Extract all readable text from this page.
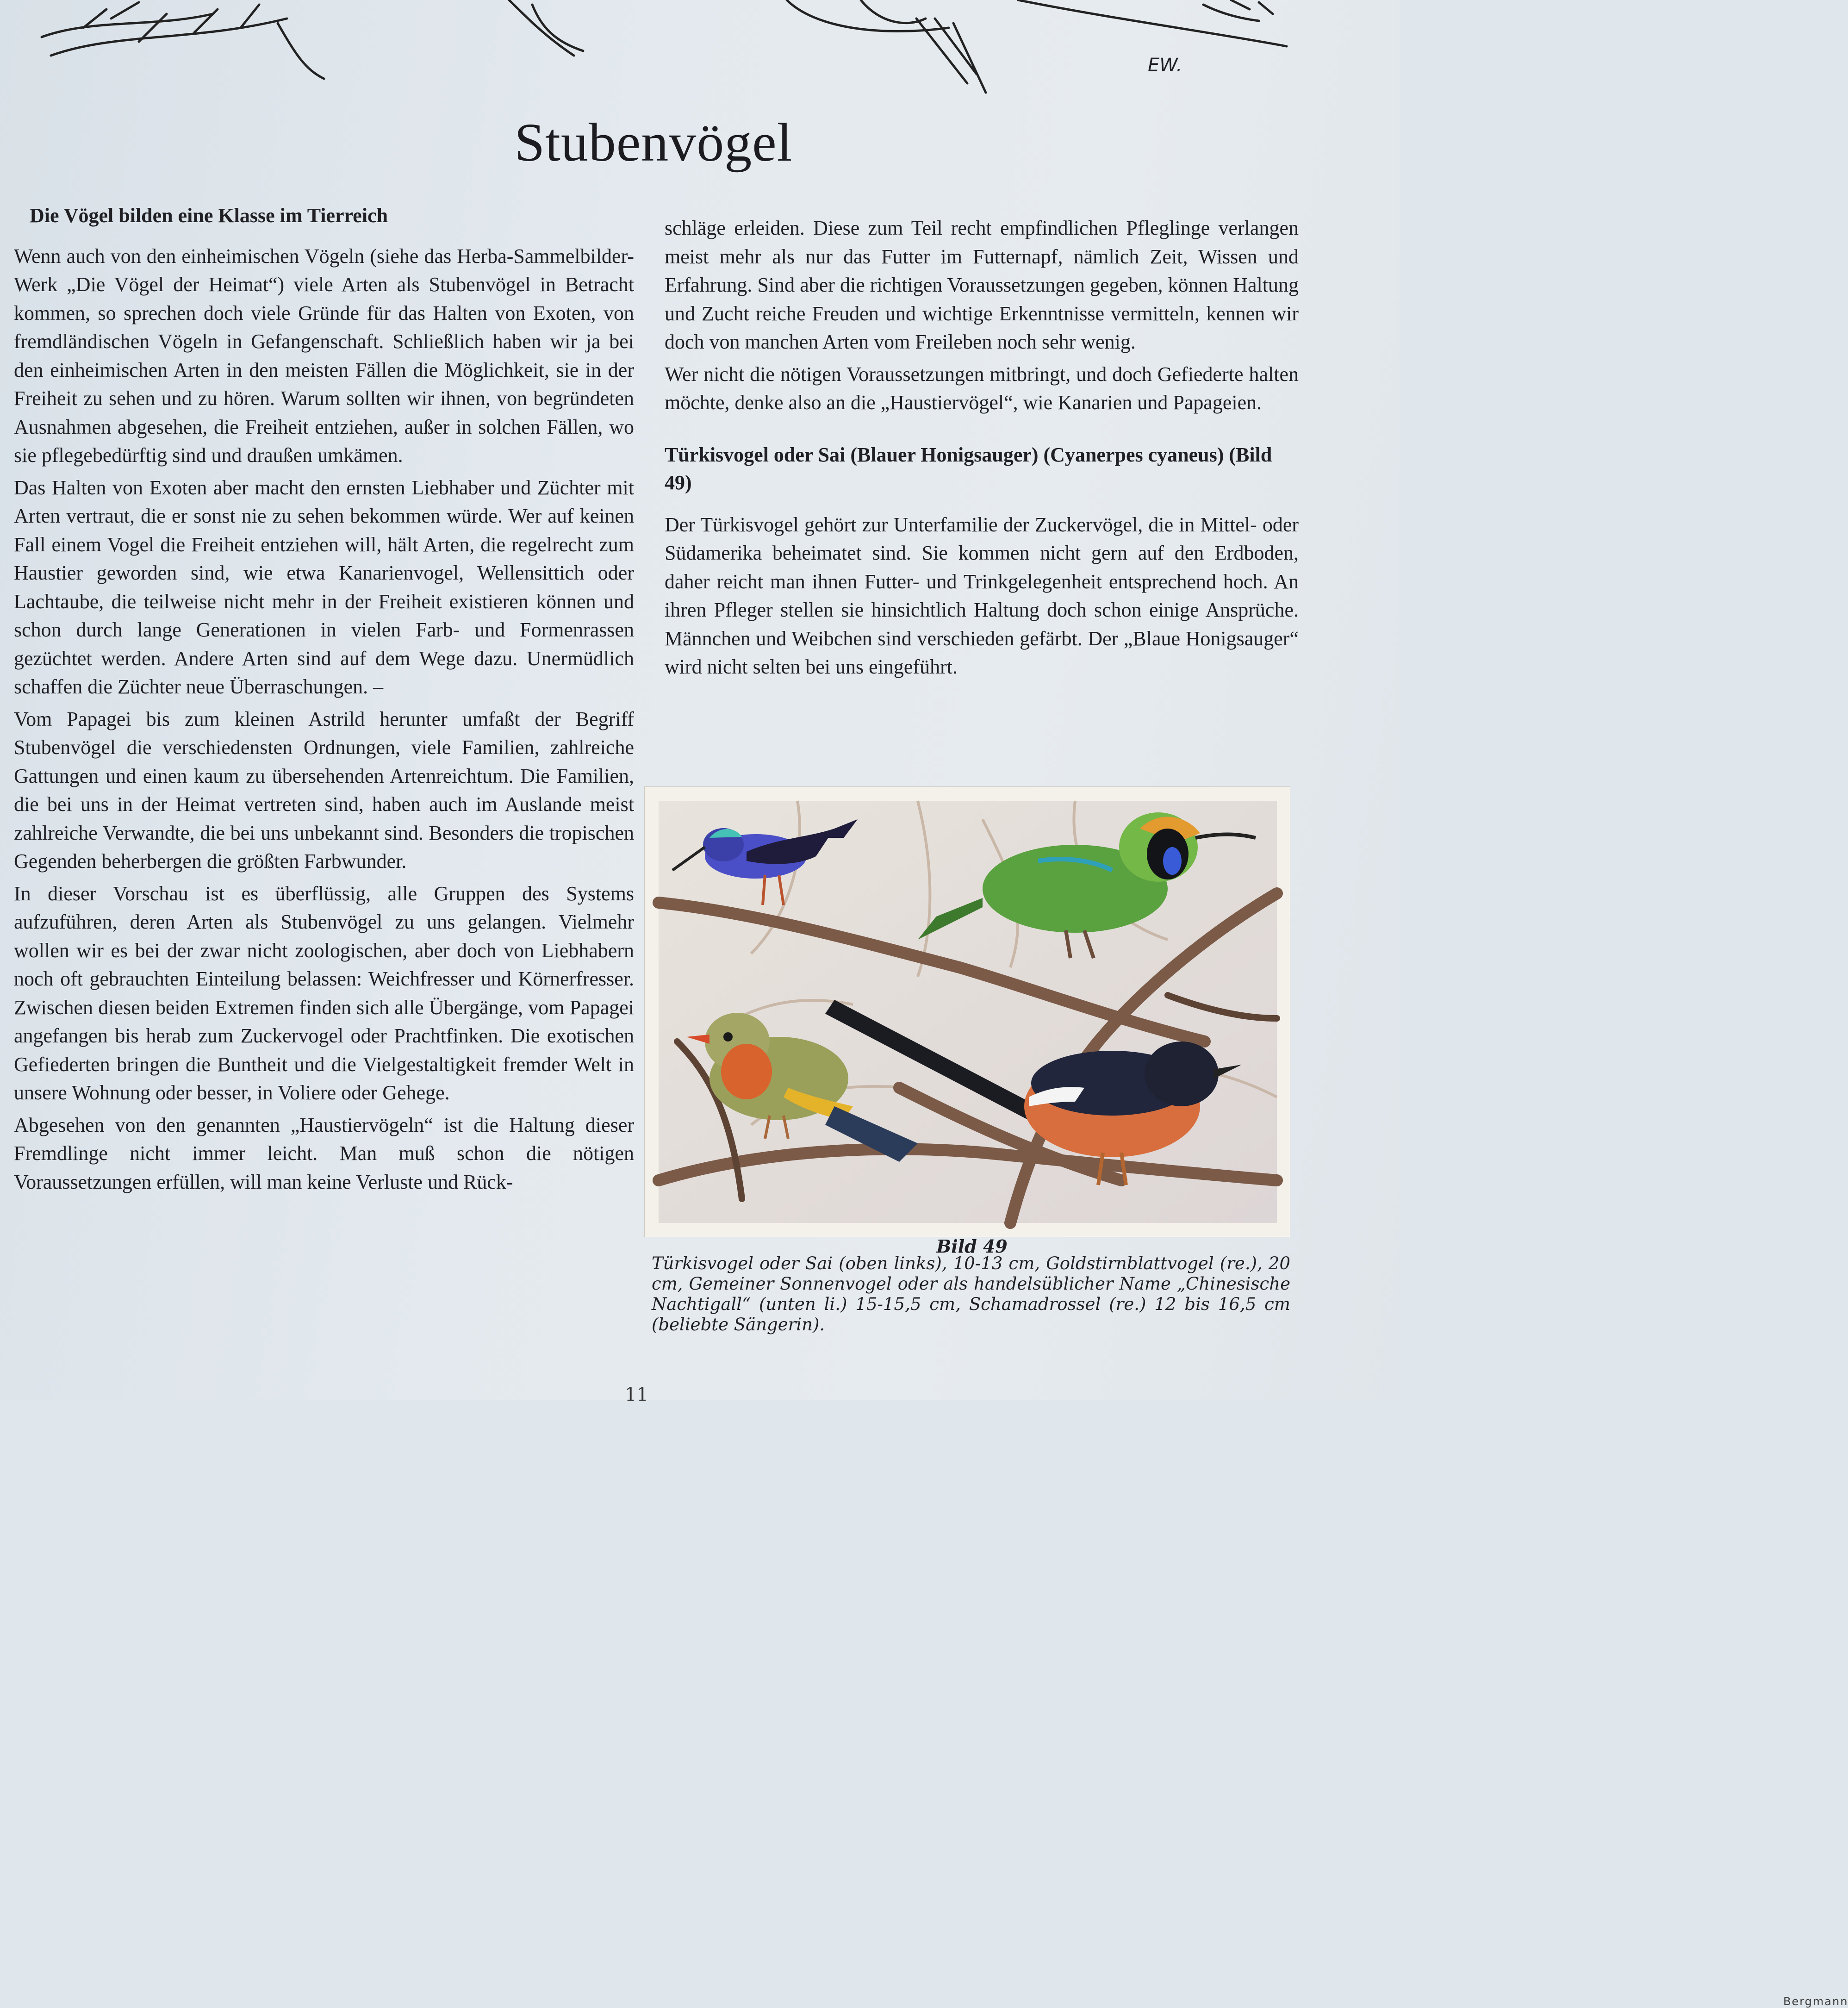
EW.
Stubenvögel
Die Vögel bilden eine Klasse im Tierreich

Wenn auch von den einheimischen Vögeln (siehe das Herba-Sammelbilder-Werk „Die Vögel der Heimat“) viele Arten als Stubenvögel in Betracht kommen, so sprechen doch viele Gründe für das Halten von Exoten, von fremdländischen Vögeln in Gefangenschaft. Schließlich haben wir ja bei den einheimischen Arten in den meisten Fällen die Möglichkeit, sie in der Freiheit zu sehen und zu hören. Warum sollten wir ihnen, von begründeten Ausnahmen abgesehen, die Freiheit entziehen, außer in solchen Fällen, wo sie pflegebedürftig sind und draußen umkämen.

Das Halten von Exoten aber macht den ernsten Liebhaber und Züchter mit Arten vertraut, die er sonst nie zu sehen bekommen würde. Wer auf keinen Fall einem Vogel die Freiheit entziehen will, hält Arten, die regelrecht zum Haustier geworden sind, wie etwa Kanarienvogel, Wellensittich oder Lachtaube, die teilweise nicht mehr in der Freiheit existieren können und schon durch lange Generationen in vielen Farb- und Formenrassen gezüchtet werden. Andere Arten sind auf dem Wege dazu. Unermüdlich schaffen die Züchter neue Überraschungen. –

Vom Papagei bis zum kleinen Astrild herunter umfaßt der Begriff Stubenvögel die verschiedensten Ordnungen, viele Familien, zahlreiche Gattungen und einen kaum zu übersehenden Artenreichtum. Die Familien, die bei uns in der Heimat vertreten sind, haben auch im Auslande meist zahlreiche Verwandte, die bei uns unbekannt sind. Besonders die tropischen Gegenden beherbergen die größten Farbwunder.

In dieser Vorschau ist es überflüssig, alle Gruppen des Systems aufzuführen, deren Arten als Stubenvögel zu uns gelangen. Vielmehr wollen wir es bei der zwar nicht zoologischen, aber doch von Liebhabern noch oft gebrauchten Einteilung belassen: Weichfresser und Körnerfresser. Zwischen diesen beiden Extremen finden sich alle Übergänge, vom Papagei angefangen bis herab zum Zuckervogel oder Prachtfinken. Die exotischen Gefiederten bringen die Buntheit und die Vielgestaltigkeit fremder Welt in unsere Wohnung oder besser, in Voliere oder Gehege.

Abgesehen von den genannten „Haustiervögeln“ ist die Haltung dieser Fremdlinge nicht immer leicht. Man muß schon die nötigen Voraussetzungen erfüllen, will man keine Verluste und Rück-

schläge erleiden. Diese zum Teil recht empfindlichen Pfleglinge verlangen meist mehr als nur das Futter im Futternapf, nämlich Zeit, Wissen und Erfahrung. Sind aber die richtigen Voraussetzungen gegeben, können Haltung und Zucht reiche Freuden und wichtige Erkenntnisse vermitteln, kennen wir doch von manchen Arten vom Freileben noch sehr wenig.

Wer nicht die nötigen Voraussetzungen mitbringt, und doch Gefiederte halten möchte, denke also an die „Haustiervögel“, wie Kanarien und Papageien.

Türkisvogel oder Sai (Blauer Honigsauger) (Cyanerpes cyaneus) (Bild 49)

Der Türkisvogel gehört zur Unterfamilie der Zuckervögel, die in Mittel- oder Südamerika beheimatet sind. Sie kommen nicht gern auf den Erdboden, daher reicht man ihnen Futter- und Trinkgelegenheit entsprechend hoch. An ihren Pfleger stellen sie hinsichtlich Haltung doch schon einige Ansprüche. Männchen und Weibchen sind verschieden gefärbt. Der „Blaue Honigsauger“ wird nicht selten bei uns eingeführt.

Bergmann
Bild 49
Türkisvogel oder Sai (oben links), 10-13 cm, Goldstirnblattvogel (re.), 20 cm, Gemeiner Sonnenvogel oder als handelsüblicher Name „Chinesische Nachtigall“ (unten li.) 15-15,5 cm, Schamadrossel (re.) 12 bis 16,5 cm (beliebte Sängerin).
11
